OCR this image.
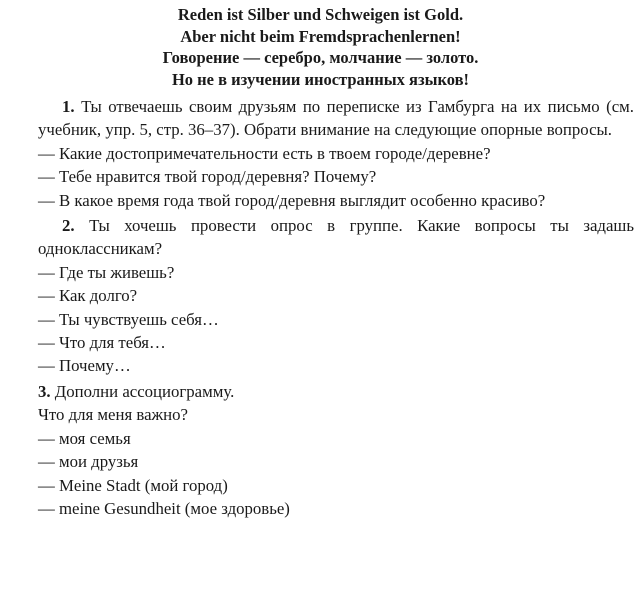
Reden ist Silber und Schweigen ist Gold.
Aber nicht beim Fremdsprachenlernen!
Говорение — серебро, молчание — золото.
Но не в изучении иностранных языков!

1. Ты отвечаешь своим друзьям по переписке из Гамбурга на их письмо (см. учебник, упр. 5, стр. 36–37). Обрати внимание на следующие опорные вопросы.

— Какие достопримечательности есть в твоем городе/деревне?

— Тебе нравится твой город/деревня? Почему?

— В какое время года твой город/деревня выглядит особенно красиво?

2. Ты хочешь провести опрос в группе. Какие вопросы ты задашь одноклассникам?

— Где ты живешь?

— Как долго?

— Ты чувствуешь себя…

— Что для тебя…

— Почему…

3. Дополни ассоциограмму.

Что для меня важно?

— моя семья

— мои друзья

— Meine Stadt (мой город)

— meine Gesundheit (мое здоровье)
